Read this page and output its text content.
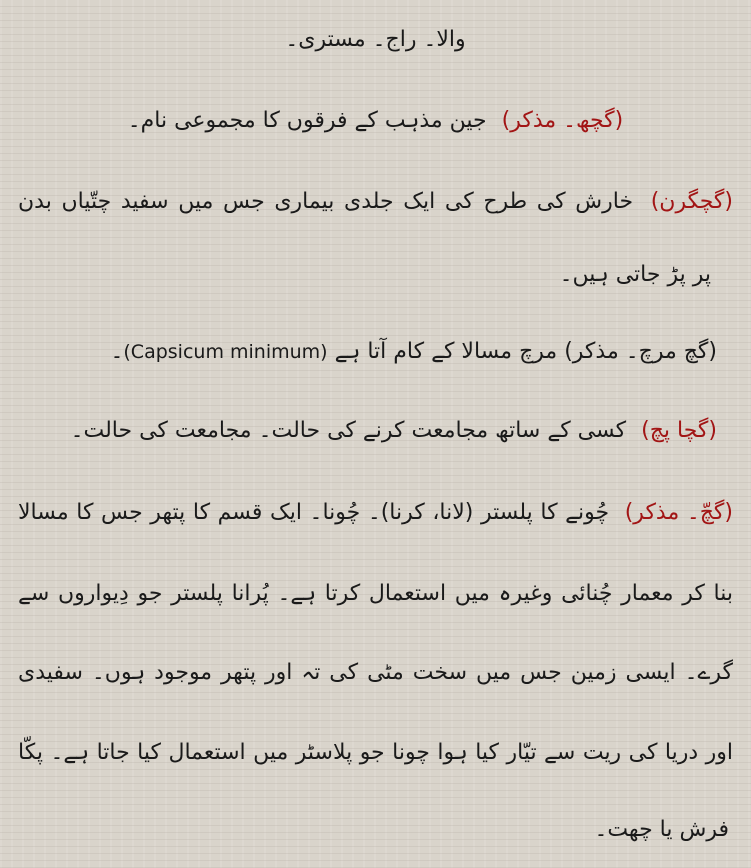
والا۔ راج۔ مستری۔
(گچھ۔ مذکر) جین مذہب کے فرقوں کا مجموعی نام۔
(گچگرن) خارش کی طرح کی ایک جلدی بیماری جس میں سفید چتّیاں بدن
پر پڑ جاتی ہیں۔
(گچ مرچ۔ مذکر) مرچ مسالا کے کام آتا ہے (Capsicum minimum)۔
(گچا پچ) کسی کے ساتھ مجامعت کرنے کی حالت۔ مجامعت کی حالت۔
(گچّ۔ مذکر) چُونے کا پلستر (لانا، کرنا)۔ چُونا۔ ایک قسم کا پتھر جس کا مسالا
بنا کر معمار چُنائی وغیرہ میں استعمال کرتا ہے۔ پُرانا پلستر جو دِیواروں سے
گرے۔ ایسی زمین جس میں سخت مٹی کی تہ اور پتھر موجود ہوں۔ سفیدی
اور دریا کی ریت سے تیّار کیا ہوا چونا جو پلاسٹر میں استعمال کیا جاتا ہے۔ پکّا
فرش یا چھت۔
